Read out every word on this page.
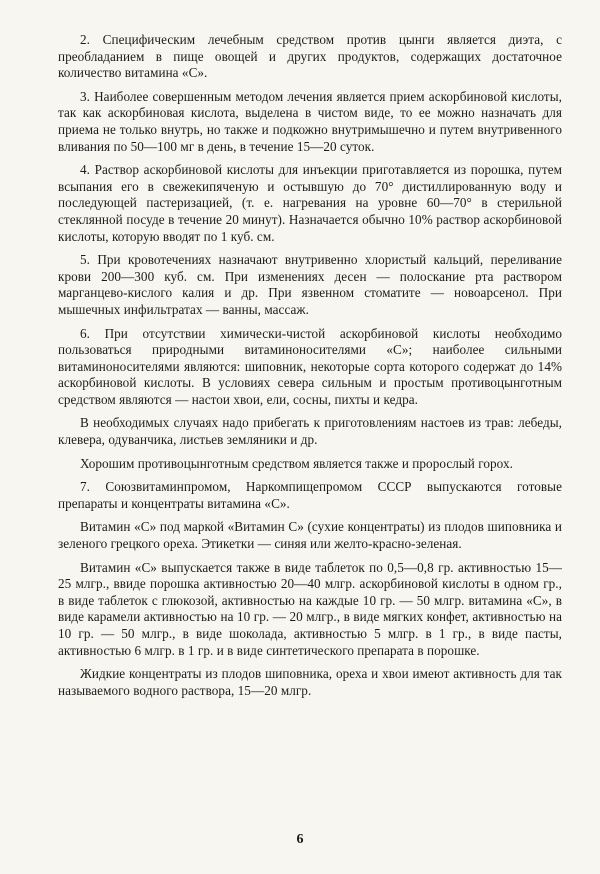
2. Специфическим лечебным средством против цынги является диэта, с преобладанием в пище овощей и других продуктов, содержащих достаточное количество витамина «С».

3. Наиболее совершенным методом лечения является прием аскорбиновой кислоты, так как аскорбиновая кислота, выделена в чистом виде, то ее можно назначать для приема не только внутрь, но также и подкожно внутримышечно и путем внутривенного вливания по 50—100 мг в день, в течение 15—20 суток.

4. Раствор аскорбиновой кислоты для инъекции приготавляется из порошка, путем всыпания его в свежекипяченую и остывшую до 70° дистиллированную воду и последующей пастеризацией, (т. е. нагревания на уровне 60—70° в стерильной стеклянной посуде в течение 20 минут). Назначается обычно 10% раствор аскорбиновой кислоты, которую вводят по 1 куб. см.

5. При кровотечениях назначают внутривенно хлористый кальций, переливание крови 200—300 куб. см. При изменениях десен — полоскание рта раствором марганцево-кислого калия и др. При язвенном стоматите — новоарсенол. При мышечных инфильтратах — ванны, массаж.

6. При отсутствии химически-чистой аскорбиновой кислоты необходимо пользоваться природными витаминоносителями «С»; наиболее сильными витаминоносителями являются: шиповник, некоторые сорта которого содержат до 14% аскорбиновой кислоты. В условиях севера сильным и простым противоцынготным средством являются — настои хвои, ели, сосны, пихты и кедра.

В необходимых случаях надо прибегать к приготовлениям настоев из трав: лебеды, клевера, одуванчика, листьев земляники и др.

Хорошим противоцынготным средством является также и пророслый горох.

7. Союзвитаминпромом, Наркомпищепромом СССР выпускаются готовые препараты и концентраты витамина «С».

Витамин «С» под маркой «Витамин С» (сухие концентраты) из плодов шиповника и зеленого грецкого ореха. Этикетки — синяя или желто-красно-зеленая.

Витамин «С» выпускается также в виде таблеток по 0,5—0,8 гр. активностью 15—25 млгр., ввиде порошка активностью 20—40 млгр. аскорбиновой кислоты в одном гр., в виде таблеток с глюкозой, активностью на каждые 10 гр. — 50 млгр. витамина «С», в виде карамели активностью на 10 гр. — 20 млгр., в виде мягких конфет, активностью на 10 гр. — 50 млгр., в виде шоколада, активностью 5 млгр. в 1 гр., в виде пасты, активностью 6 млгр. в 1 гр. и в виде синтетического препарата в порошке.

Жидкие концентраты из плодов шиповника, ореха и хвои имеют активность для так называемого водного раствора, 15—20 млгр.

6
